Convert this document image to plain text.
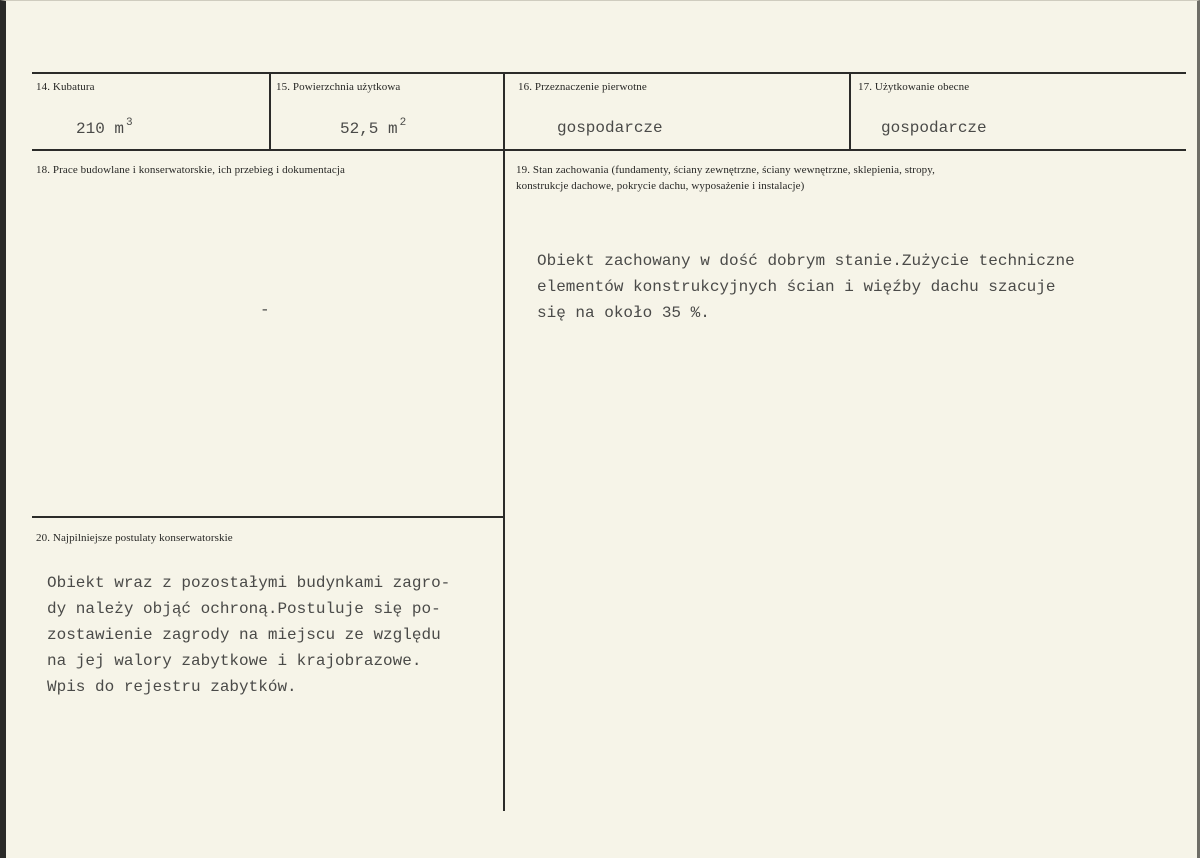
14. Kubatura
210 m $^3$
15. Powierzchnia użytkowa
52,5 m $^2$
16. Przeznaczenie pierwotne
gospodarcze
17. Użytkowanie obecne
gospodarcze
18. Prace budowlane i konserwatorskie, ich przebieg i dokumentacja
-
19. Stan zachowania (fundamenty, ściany zewnętrzne, ściany wewnętrzne, sklepienia, stropy,
konstrukcje dachowe, pokrycie dachu, wyposażenie i instalacje)
Obiekt zachowany w dość dobrym stanie.Zużycie techniczne
elementów konstrukcyjnych ścian i więźby dachu szacuje
się na około 35 %.
20. Najpilniejsze postulaty konserwatorskie
Obiekt wraz z pozostałymi budynkami zagro-
dy należy objąć ochroną.Postuluje się po-
zostawienie zagrody na miejscu ze względu
na jej walory zabytkowe i krajobrazowe.
Wpis do rejestru zabytków.
